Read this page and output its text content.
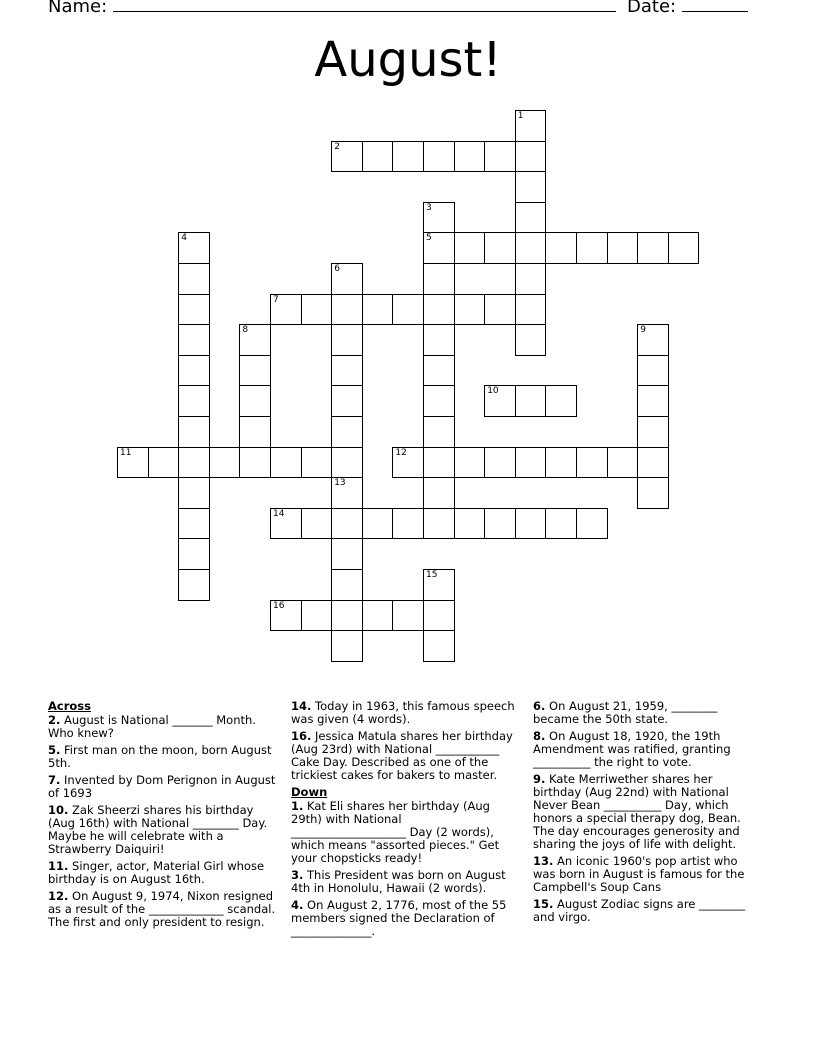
Name:	Date:
August!
1
2
3
5
4
6
7
8	9
10
11	12
13
14
15
16
Across
2. August is National _______ Month. Who knew?
5. First man on the moon, born August 5th.
7. Invented by Dom Perignon in August of 1693
10. Zak Sheerzi shares his birthday (Aug 16th) with National ________ Day. Maybe he will celebrate with a Strawberry Daiquiri!
11. Singer, actor, Material Girl whose birthday is on August 16th.
12. On August 9, 1974, Nixon resigned as a result of the _____________ scandal. The first and only president to resign.
14. Today in 1963, this famous speech was given (4 words).
16. Jessica Matula shares her birthday (Aug 23rd) with National ___________ Cake Day. Described as one of the trickiest cakes for bakers to master.
Down
1. Kat Eli shares her birthday (Aug 29th) with National ____________________ Day (2 words), which means "assorted pieces." Get your chopsticks ready!
3. This President was born on August 4th in Honolulu, Hawaii (2 words).
4. On August 2, 1776, most of the 55 members signed the Declaration of ______________.
6. On August 21, 1959, ________ became the 50th state.
8. On August 18, 1920, the 19th Amendment was ratified, granting __________ the right to vote.
9. Kate Merriwether shares her birthday (Aug 22nd) with National Never Bean __________ Day, which honors a special therapy dog, Bean. The day encourages generosity and sharing the joys of life with delight.
13. An iconic 1960's pop artist who was born in August is famous for the Campbell's Soup Cans
15. August Zodiac signs are ________ and virgo.
